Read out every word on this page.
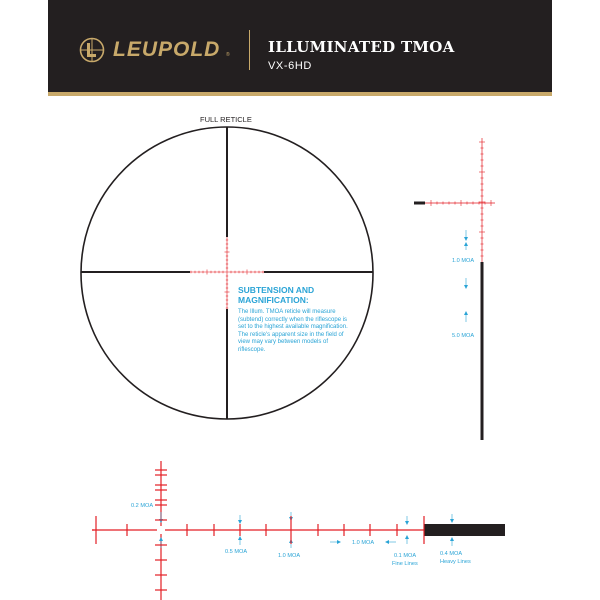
LEUPOLD ®	ILLUMINATED TMOA
VX-6HD
FULL RETICLE
SUBTENSION AND MAGNIFICATION:
The Illum. TMOA reticle will measure (subtend) correctly when the riflescope is set to the highest available magnification. The reticle's apparent size in the field of view may vary between models of riflescope.
1.0 MOA
5.0 MOA
0.2 MOA
0.5 MOA
1.0 MOA
1.0 MOA
0.1 MOA
Fine Lines
0.4 MOA
Heavy Lines
